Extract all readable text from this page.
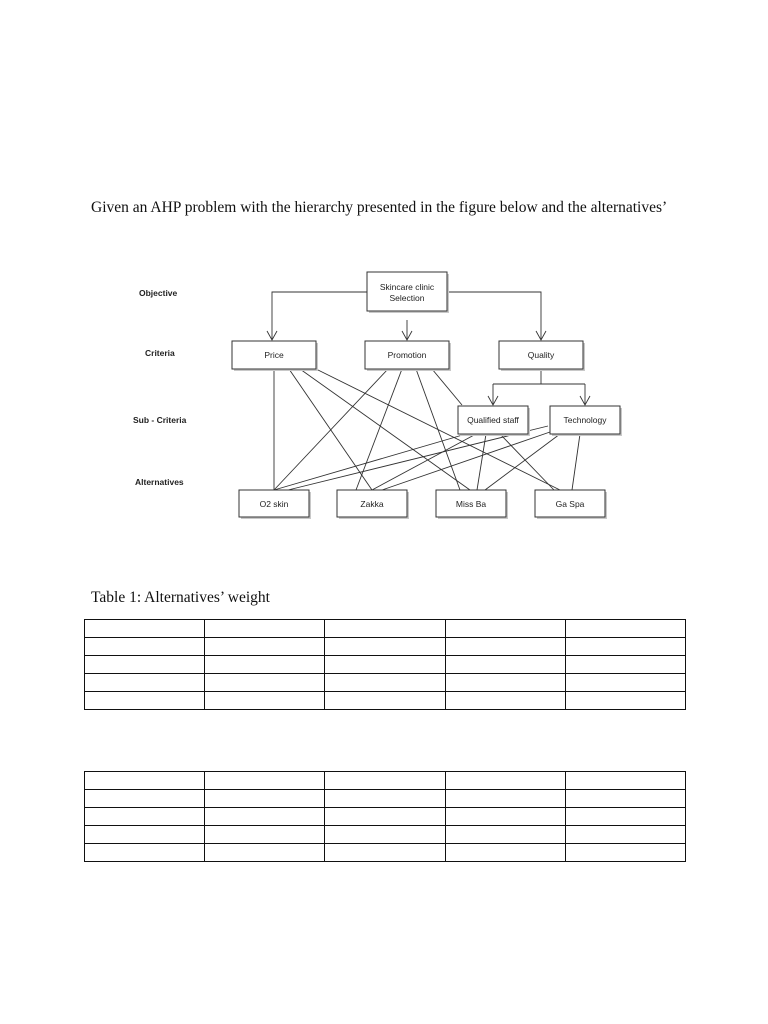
Given an AHP problem with the hierarchy presented in the figure below and the alternatives’
Objective
Criteria
Sub - Criteria
Alternatives
Skincare clinic
Selection
Price	Promotion	Quality
Qualified staff	Technology
O2 skin	Zakka	Miss Ba	Ga Spa
Table 1: Alternatives’ weight
